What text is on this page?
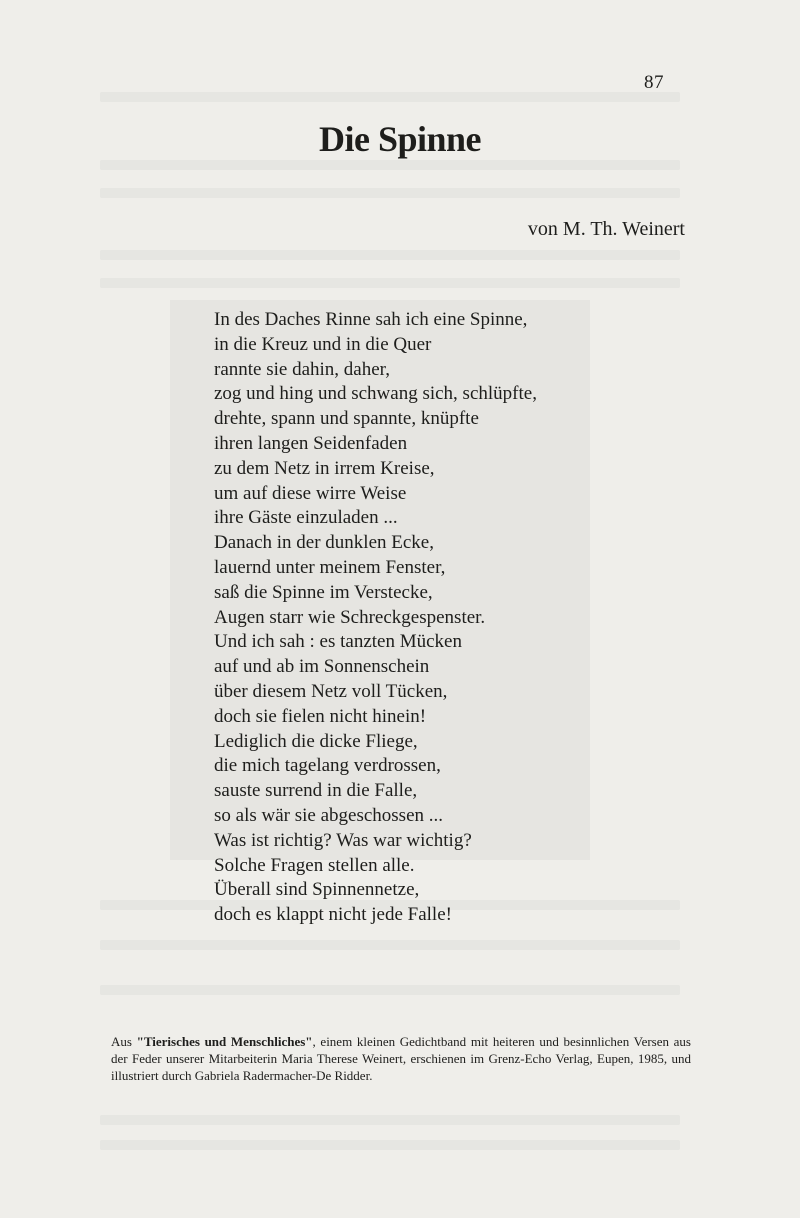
87
Die Spinne
von M. Th. Weinert
In des Daches Rinne sah ich eine Spinne,
in die Kreuz und in die Quer
rannte sie dahin, daher,
zog und hing und schwang sich, schlüpfte,
drehte, spann und spannte, knüpfte
ihren langen Seidenfaden
zu dem Netz in irrem Kreise,
um auf diese wirre Weise
ihre Gäste einzuladen ...
Danach in der dunklen Ecke,
lauernd unter meinem Fenster,
saß die Spinne im Verstecke,
Augen starr wie Schreckgespenster.
Und ich sah : es tanzten Mücken
auf und ab im Sonnenschein
über diesem Netz voll Tücken,
doch sie fielen nicht hinein!
Lediglich die dicke Fliege,
die mich tagelang verdrossen,
sauste surrend in die Falle,
so als wär sie abgeschossen ...
Was ist richtig? Was war wichtig?
Solche Fragen stellen alle.
Überall sind Spinnennetze,
doch es klappt nicht jede Falle!
Aus "Tierisches und Menschliches", einem kleinen Gedichtband mit heiteren und besinnlichen Versen aus der Feder unserer Mitarbeiterin Maria Therese Weinert, erschienen im Grenz-Echo Verlag, Eupen, 1985, und illustriert durch Gabriela Radermacher-De Ridder.
